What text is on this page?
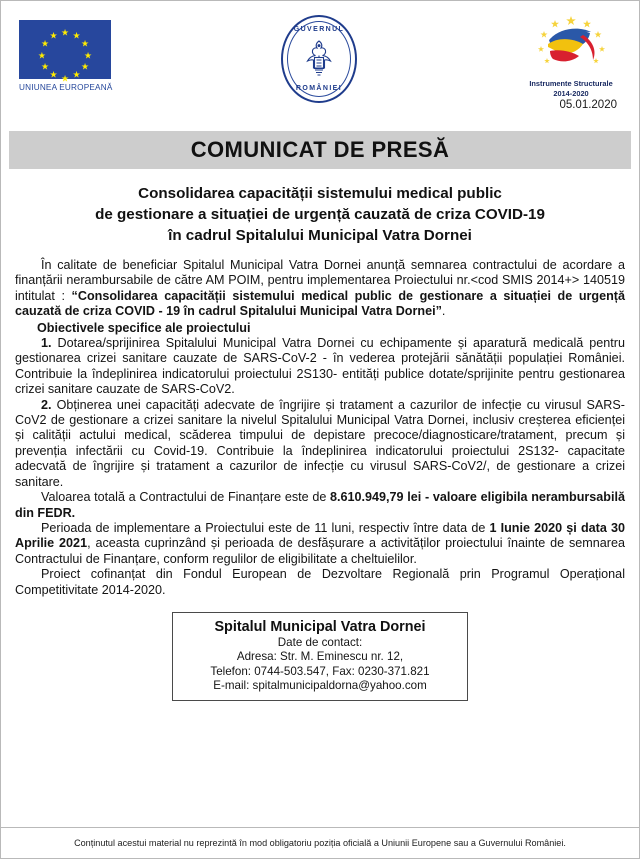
★ ★
★
★
★
★
★
★
★
★
★
★
UNIUNEA EUROPEANĂ
GUVERNUL
ROMÂNIEI
Instrumente Structurale
2014-2020
05.01.2020
COMUNICAT DE PRESĂ
Consolidarea capacității sistemului medical public
de gestionare a situației de urgență cauzată de criza COVID-19
în cadrul Spitalului Municipal Vatra Dornei

În calitate de beneficiar Spitalul Municipal Vatra Dornei anunță semnarea contractului de acordare a finanțării nerambursabile de către AM POIM, pentru implementarea Proiectului nr.<cod SMIS 2014+> 140519 intitulat : “Consolidarea capacității sistemului medical public de gestionare a situației de urgență cauzată de criza COVID - 19 în cadrul Spitalului Municipal Vatra Dornei”.

Obiectivele specifice ale proiectului

1. Dotarea/sprijinirea Spitalului Municipal Vatra Dornei cu echipamente și aparatură medicală pentru gestionarea crizei sanitare cauzate de SARS-CoV-2 - în vederea protejării sănătății populației României. Contribuie la îndeplinirea indicatorului proiectului 2S130- entități publice dotate/sprijinite pentru gestionarea crizei sanitare cauzate de SARS-CoV2.

2. Obținerea unei capacități adecvate de îngrijire și tratament a cazurilor de infecție cu virusul SARS-CoV2 de gestionare a crizei sanitare la nivelul Spitalului Municipal Vatra Dornei, inclusiv creșterea eficienței și calității actului medical, scăderea timpului de depistare precoce/diagnosticare/tratament, precum și prevenția infectării cu Covid-19. Contribuie la îndeplinirea indicatorului proiectului 2S132- capacitate adecvată de îngrijire și tratament a cazurilor de infecție cu virusul SARS-CoV2/, de gestionare a crizei sanitare.

Valoarea totală a Contractului de Finanțare este de 8.610.949,79 lei - valoare eligibila nerambursabilă din FEDR.

Perioada de implementare a Proiectului este de 11 luni, respectiv între data de 1 Iunie 2020 și data 30 Aprilie 2021, aceasta cuprinzând și perioada de desfășurare a activităților proiectului înainte de semnarea Contractului de Finanțare, conform regulilor de eligibilitate a cheltuielilor.

Proiect cofinanțat din Fondul European de Dezvoltare Regională prin Programul Operațional Competitivitate 2014-2020.

Spitalul Municipal Vatra Dornei
Date de contact:
Adresa: Str. M. Eminescu nr. 12,
Telefon: 0744-503.547, Fax: 0230-371.821
E-mail: spitalmunicipaldorna@yahoo.com
Conținutul acestui material nu reprezintă în mod obligatoriu poziția oficială a Uniunii Europene sau a Guvernului României.
